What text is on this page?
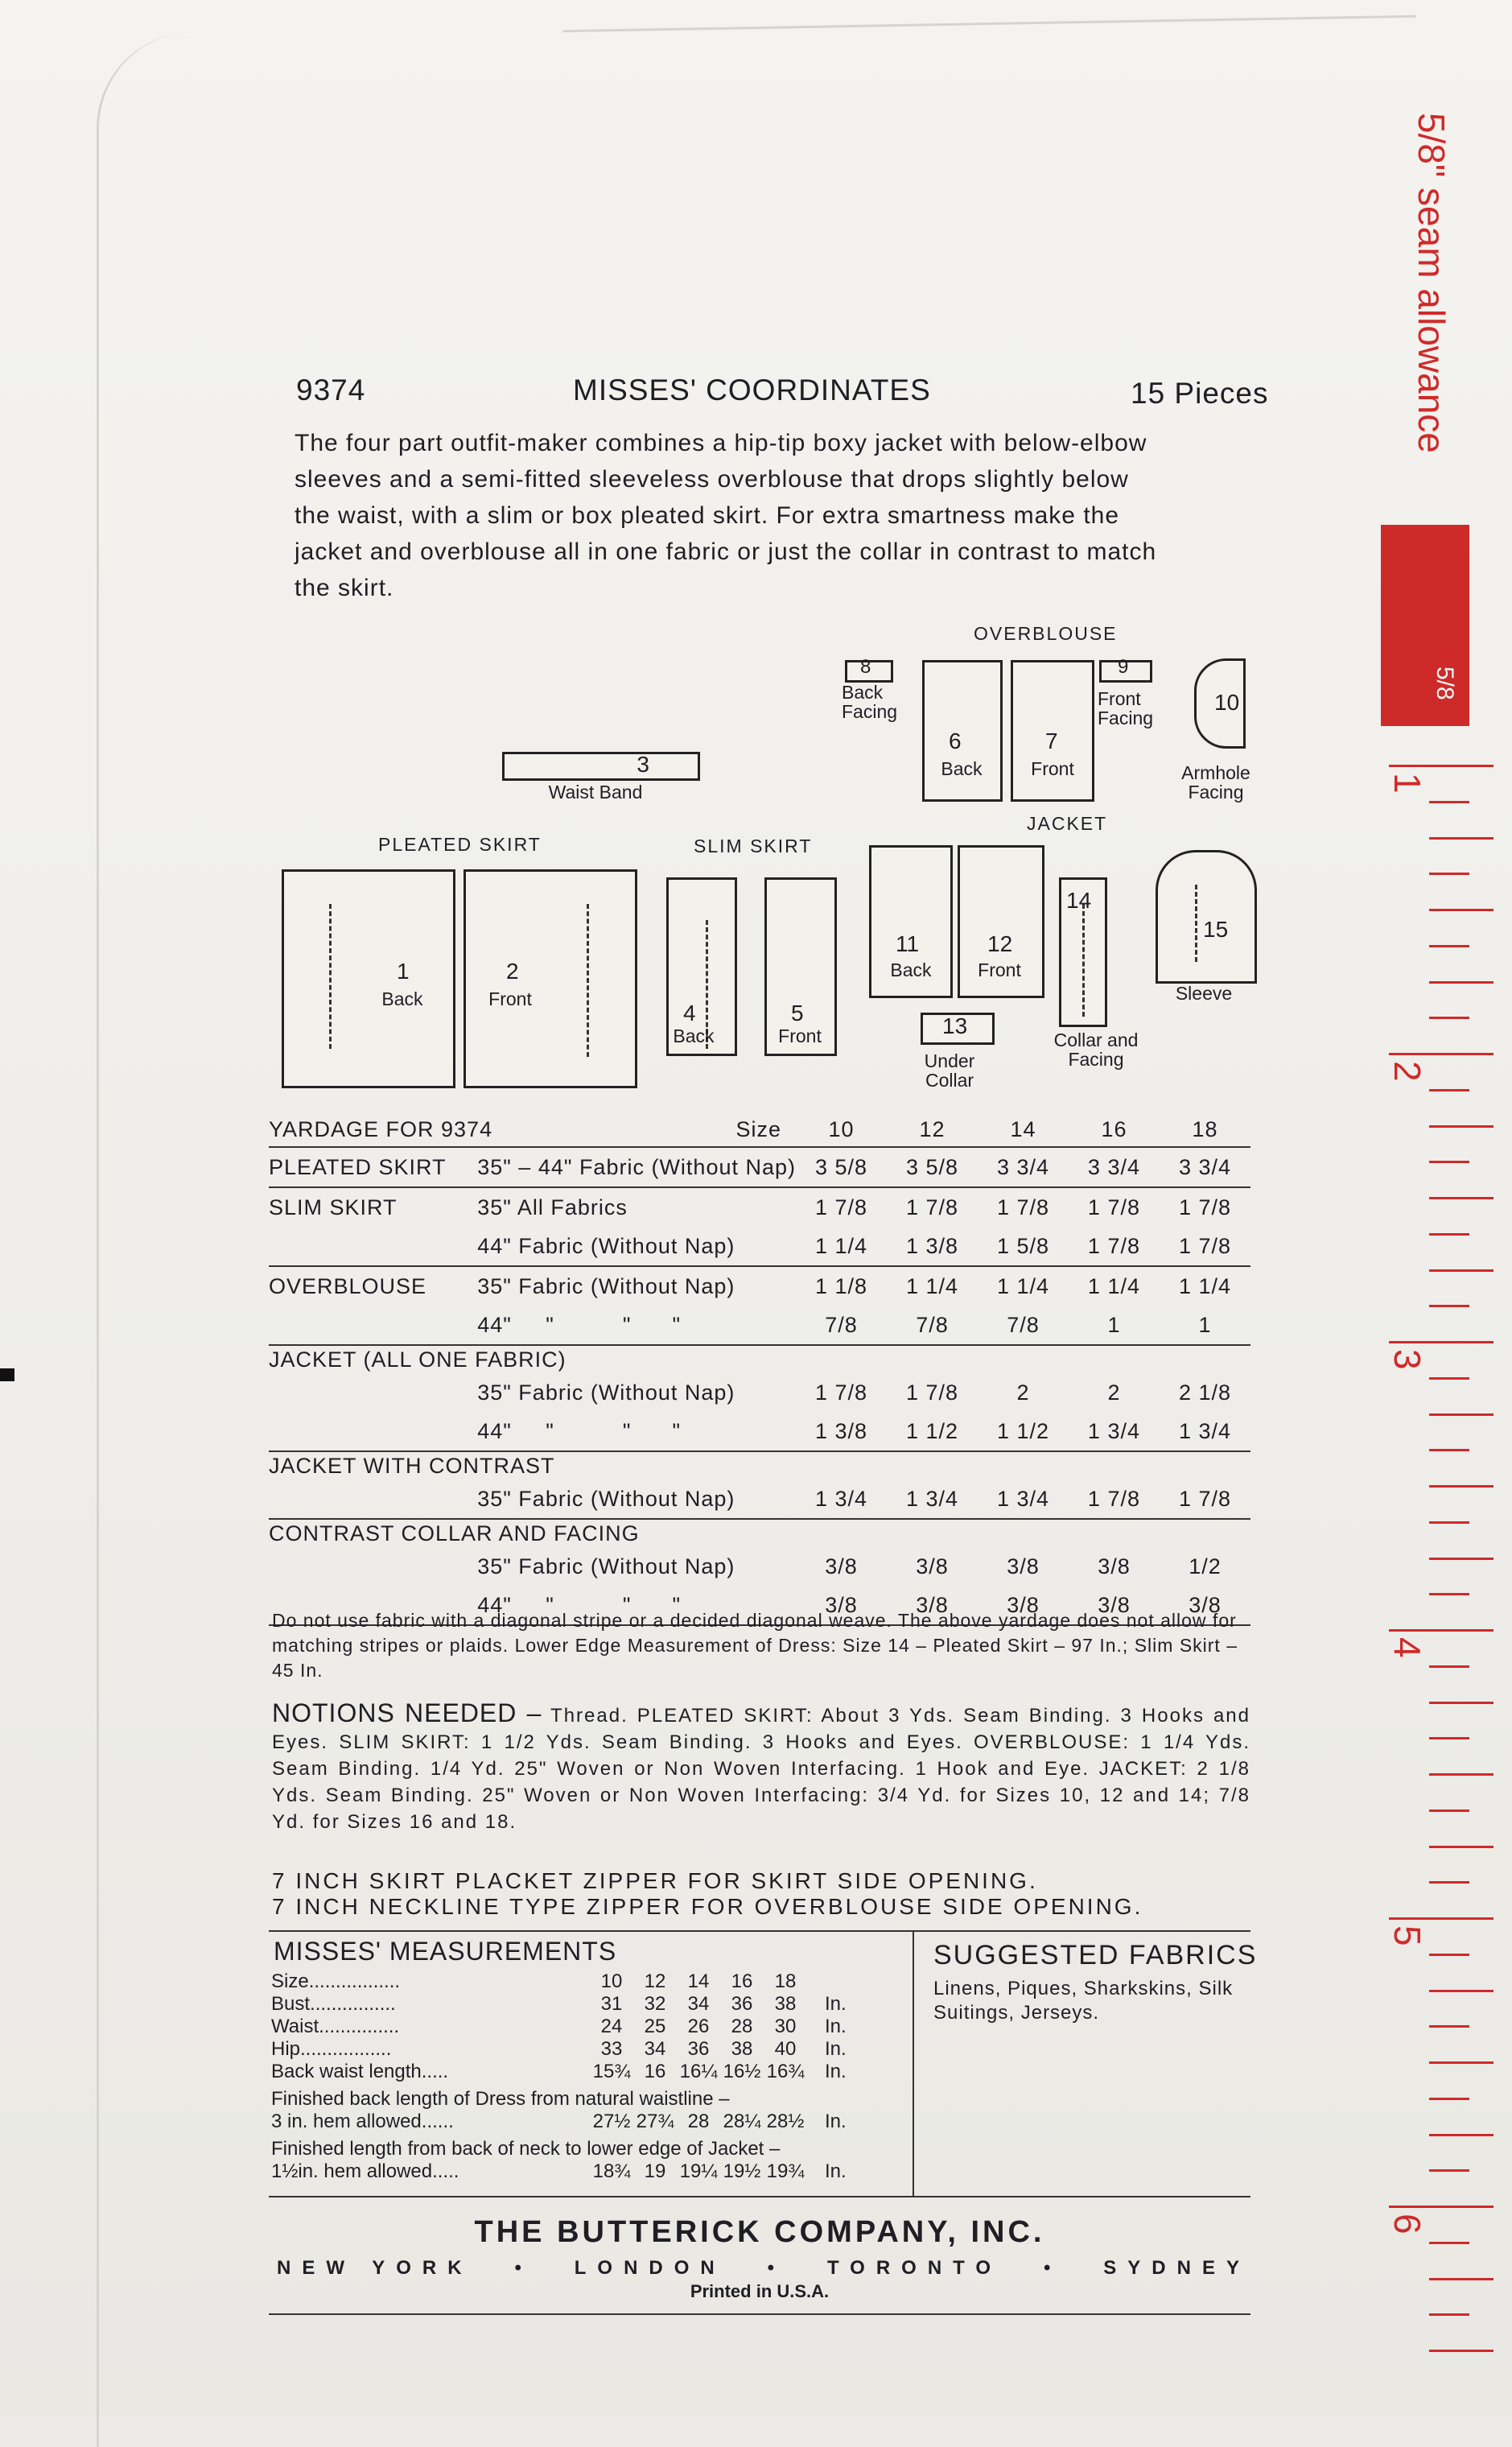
9374	MISSES' COORDINATES	15 Pieces
The four part outfit-maker combines a hip-tip boxy jacket with below-elbow
sleeves and a semi-fitted sleeveless overblouse that drops slightly below
the waist, with a slim or box pleated skirt. For extra smartness make the
jacket and overblouse all in one fabric or just the collar in contrast to match
the skirt.
OVERBLOUSE
JACKET
PLEATED SKIRT	SLIM SKIRT
3
Waist Band
1
Back
2
Front
4
Back
5
Front
8
Back Facing
6
Back
7
Front
9
Front Facing
10
Armhole Facing
11
Back
12
Front
14
Collar and Facing
13
Under Collar
15
Sleeve
YARDAGE FOR 9374 Size		10	12	14	16	18
PLEATED SKIRT	35" – 44" Fabric (Without Nap)	3 5/8	3 5/8	3 3/4	3 3/4	3 3/4
SLIM SKIRT	35" All Fabrics	1 7/8	1 7/8	1 7/8	1 7/8	1 7/8
	44" Fabric (Without Nap)	1 1/4	1 3/8	1 5/8	1 7/8	1 7/8
OVERBLOUSE	35" Fabric (Without Nap)	1 1/8	1 1/4	1 1/4	1 1/4	1 1/4
	44"     "          "      "	7/8	7/8	7/8	1	1
JACKET (ALL ONE FABRIC)						
	35" Fabric (Without Nap)	1 7/8	1 7/8	2	2	2 1/8
	44"     "          "      "	1 3/8	1 1/2	1 1/2	1 3/4	1 3/4
JACKET WITH CONTRAST						
	35" Fabric (Without Nap)	1 3/4	1 3/4	1 3/4	1 7/8	1 7/8
CONTRAST COLLAR AND FACING						
	35" Fabric (Without Nap)	3/8	3/8	3/8	3/8	1/2
	44"     "          "      "	3/8	3/8	3/8	3/8	3/8
Do not use fabric with a diagonal stripe or a decided diagonal weave. The above yardage does not allow for matching stripes or plaids. Lower Edge Measurement of Dress: Size 14 – Pleated Skirt – 97 In.; Slim Skirt – 45 In.
NOTIONS NEEDED – Thread. PLEATED SKIRT: About 3 Yds. Seam Binding. 3 Hooks and Eyes. SLIM SKIRT: 1 1/2 Yds. Seam Binding. 3 Hooks and Eyes. OVERBLOUSE: 1 1/4 Yds. Seam Binding. 1/4 Yd. 25" Woven or Non Woven Interfacing. 1 Hook and Eye. JACKET: 2 1/8 Yds. Seam Binding. 25" Woven or Non Woven Interfacing: 3/4 Yd. for Sizes 10, 12 and 14; 7/8 Yd. for Sizes 16 and 18.
7 INCH SKIRT PLACKET ZIPPER FOR SKIRT SIDE OPENING.
7 INCH NECKLINE TYPE ZIPPER FOR OVERBLOUSE SIDE OPENING.
MISSES' MEASUREMENTS
Size.................	10	12	14	16	18	
Bust................	31	32	34	36	38	In.
Waist...............	24	25	26	28	30	In.
Hip.................	33	34	36	38	40	In.
Back waist length.....	15¾	16	16¼	16½	16¾	In.
Finished back length of Dress from natural waistline –						
3 in. hem allowed......	27½	27¾	28	28¼	28½	In.
Finished length from back of neck to lower edge of Jacket –						
1½in. hem allowed.....	18¾	19	19¼	19½	19¾	In.
SUGGESTED FABRICS
Linens, Piques, Sharkskins, Silk Suitings, Jerseys.
THE BUTTERICK COMPANY, INC.
NEW YORK • LONDON • TORONTO • SYDNEY
Printed in U.S.A.
5/8" seam allowance
5/8
1
2
3
4
5
6
